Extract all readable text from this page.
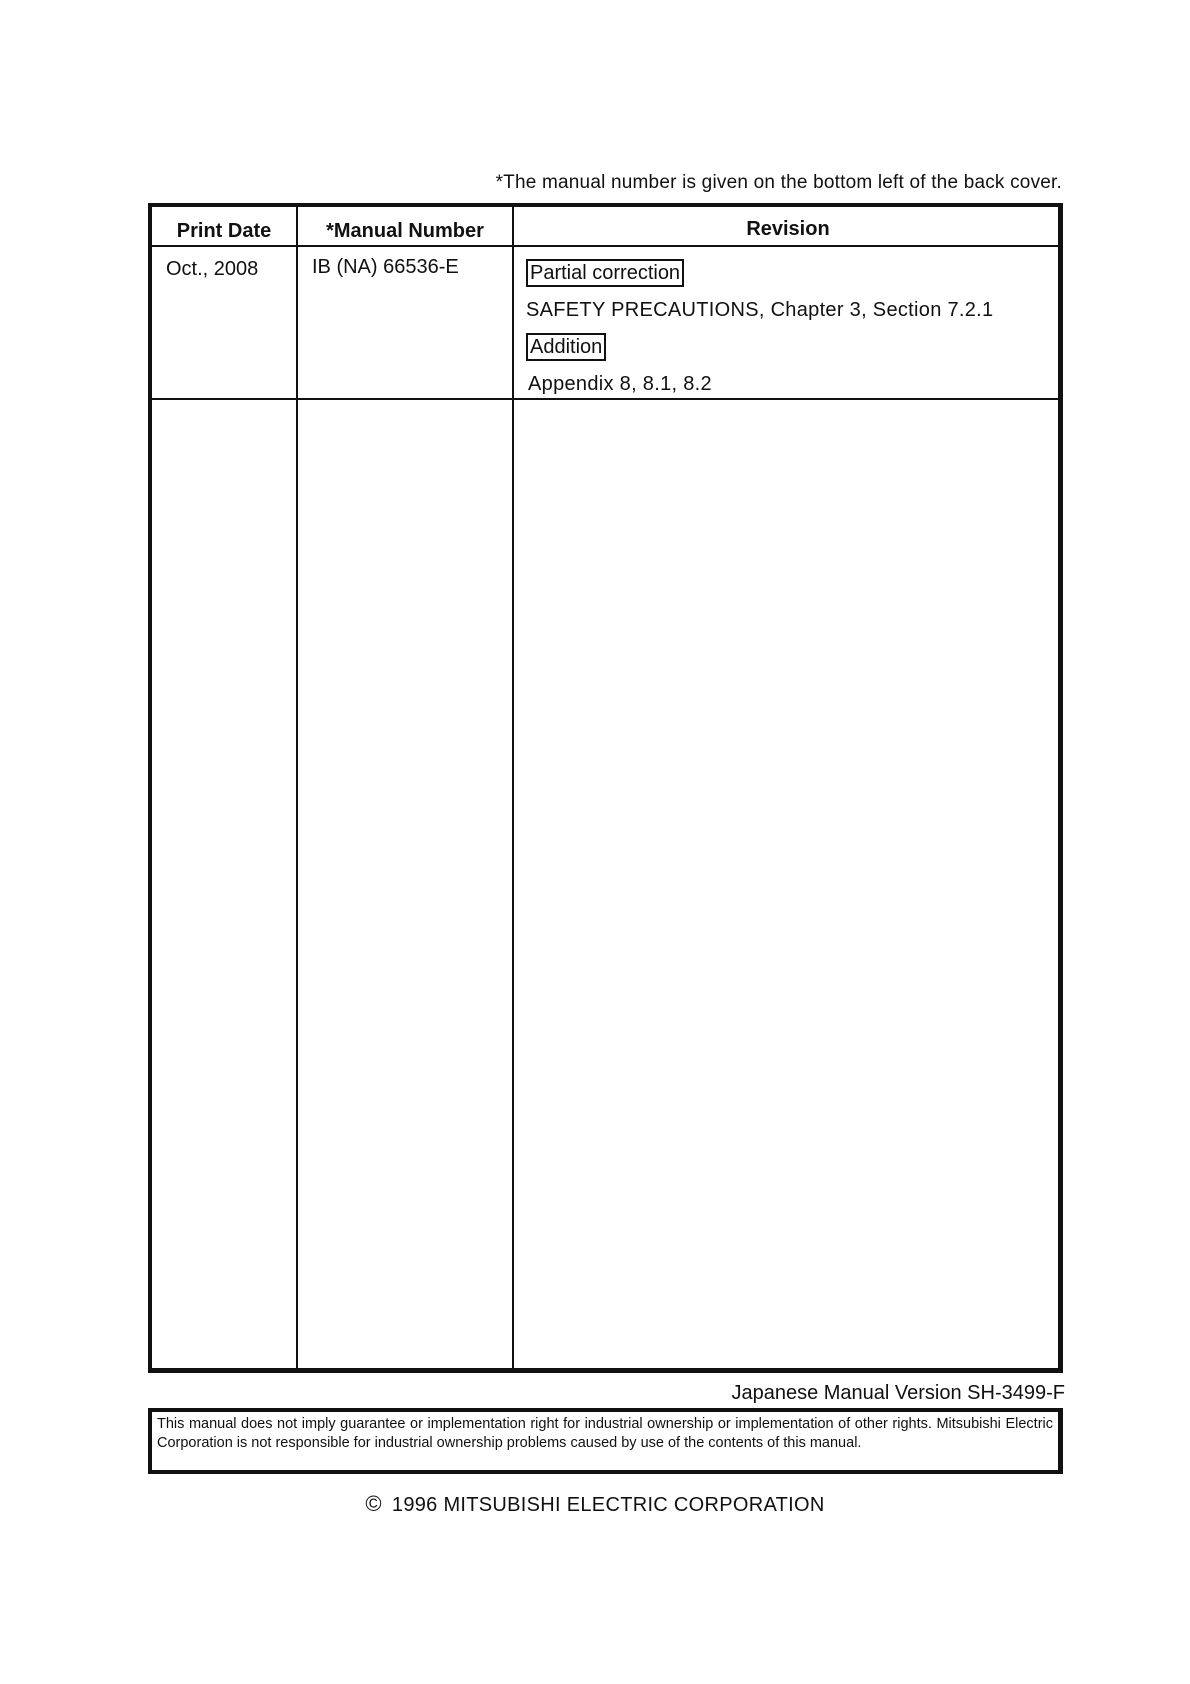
*The manual number is given on the bottom left of the back cover.
Print Date	*Manual Number	Revision
Oct., 2008	IB (NA) 66536-E	Partial correction
SAFETY PRECAUTIONS, Chapter 3, Section 7.2.1
Addition
Appendix 8, 8.1, 8.2
Japanese Manual Version SH-3499-F
This manual does not imply guarantee or implementation right for industrial ownership or implementation of other rights. Mitsubishi Electric Corporation is not responsible for industrial ownership problems caused by use of the contents of this manual.
© 1996 MITSUBISHI ELECTRIC CORPORATION
